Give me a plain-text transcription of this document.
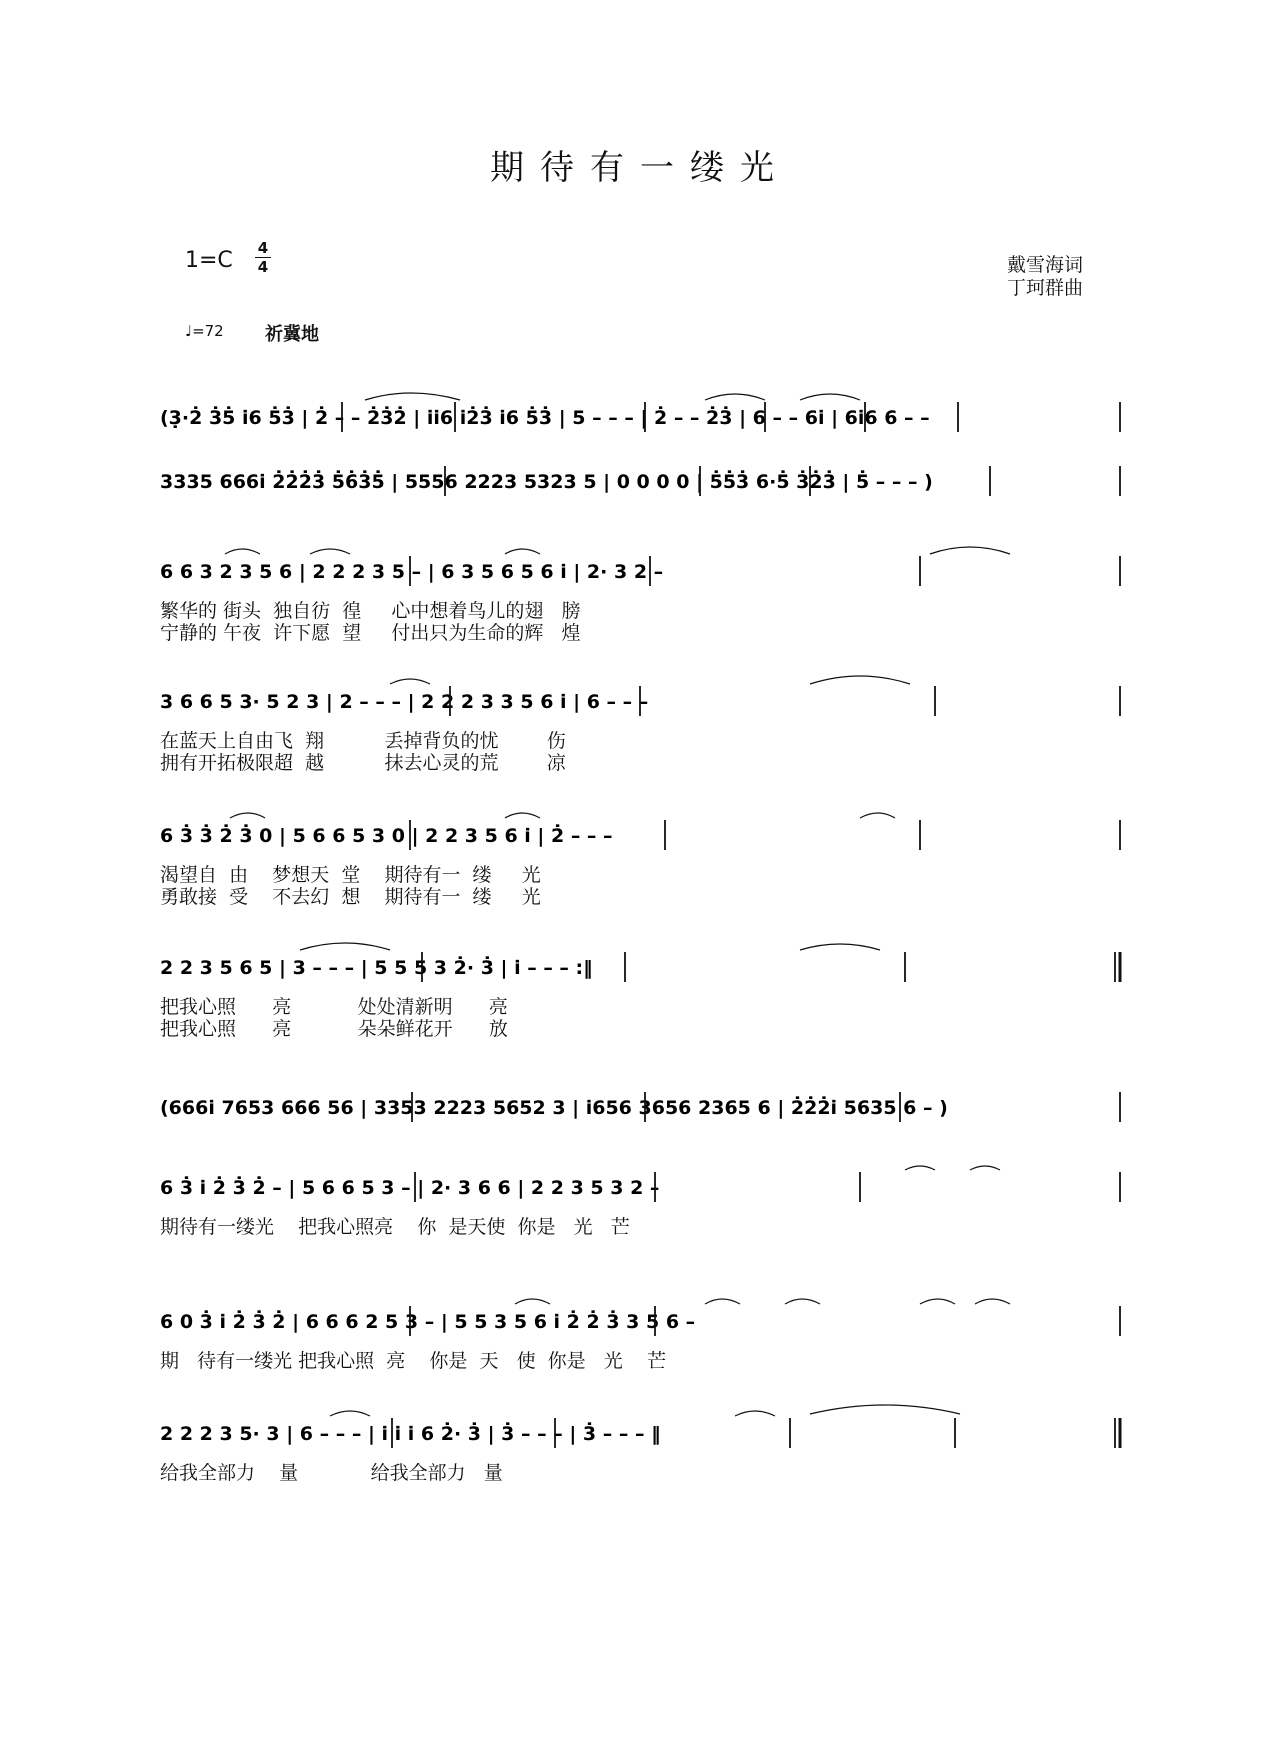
期待有一缕光
1=C 4
4	戴雪海词
丁珂群曲
♩=72 祈冀地
(3̣·2̇ 3̇5̇ i̇6 5̇3̇ | 2̇ – – 2̇3̇2̇ | i̇i̇6 i̇2̇3̇ i̇6 5̇3̇ | 5 – – – | 2̇ – – 2̇3̇ | 6 – – 6i̇ | 6i̇6 6 – –
3335 666i̇ 2̇2̇2̇3̇ 5̇6̇3̇5̇ | 5556 2223 5323 5 | 0 0 0 0 | 5̇5̇3̇ 6·5̇ 3̇2̇3̇ | 5̇ – – – )
6 6 3 2 3 5 6 | 2 2 2 3 5 – | 6 3 5 6 5 6 i̇ | 2· 3 2 –
繁华的 街头  独自彷  徨     心中想着鸟儿的翅   膀
宁静的 午夜  许下愿  望     付出只为生命的辉   煌
3 6 6 5 3· 5 2 3 | 2 – – – | 2 2 2 3 3 5 6 i̇ | 6 – – –
在蓝天上自由飞  翔          丢掉背负的忧        伤
拥有开拓极限超  越          抹去心灵的荒        凉
6 3̇ 3̇ 2̇ 3̇ 0 | 5 6 6 5 3 0 | 2 2 3 5 6 i̇ | 2̇ – – –
渴望自  由    梦想天  堂    期待有一  缕     光
勇敢接  受    不去幻  想    期待有一  缕     光
2 2 3 5 6 5 | 3 – – – | 5 5 5 3 2̇· 3̇ | i̇ – – – :‖
把我心照      亮           处处清新明      亮
把我心照      亮           朵朵鲜花开      放
(666i̇ 7653 666 56 | 3353 2223 5652 3 | i̇656 3656 2365 6 | 2̇2̇2̇i̇ 5635 6 – )
6 3̇ i̇ 2̇ 3̇ 2̇ – | 5 6 6 5 3 – | 2· 3 6 6 | 2 2 3 5 3 2 –
期待有一缕光    把我心照亮    你  是天使  你是   光   芒
6 0 3̇ i̇ 2̇ 3̇ 2̇ | 6 6 6 2 5 3 – | 5 5 3 5 6 i̇ 2̇ 2̇ 3̇ 3 5 6 –
期   待有一缕光 把我心照  亮    你是  天   使  你是   光    芒
2 2 2 3 5· 3 | 6 – – – | i̇ i̇ i̇ 6 2̇· 3̇ | 3̇ – – – | 3̇ – – – ‖
给我全部力    量            给我全部力   量
